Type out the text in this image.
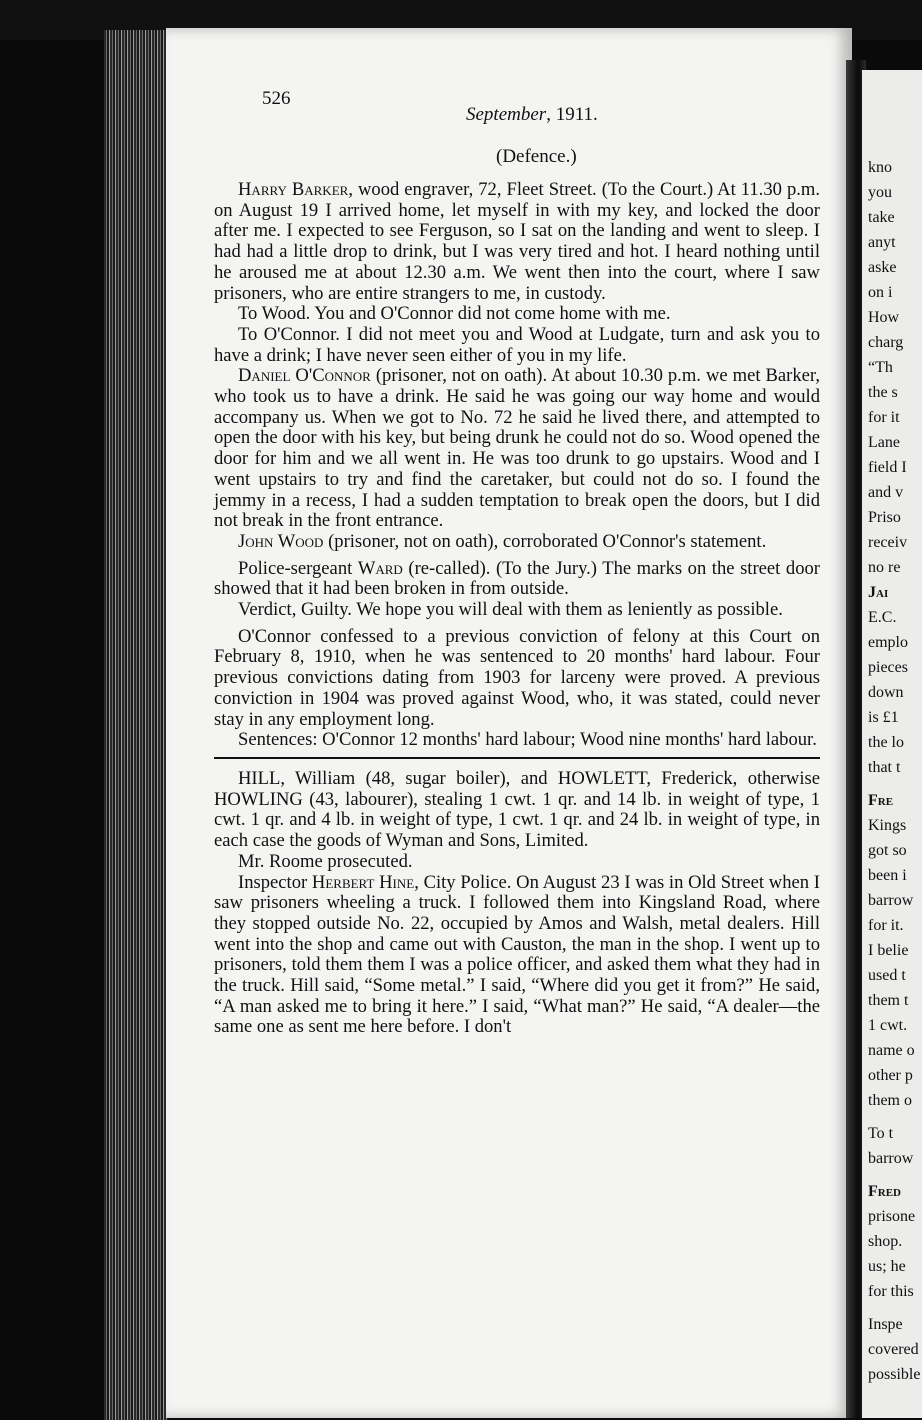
526
September, 1911.
(Defence.)

Harry Barker, wood engraver, 72, Fleet Street. (To the Court.) At 11.30 p.m. on August 19 I arrived home, let myself in with my key, and locked the door after me. I expected to see Ferguson, so I sat on the landing and went to sleep. I had had a little drop to drink, but I was very tired and hot. I heard nothing until he aroused me at about 12.30 a.m. We went then into the court, where I saw prisoners, who are entire strangers to me, in custody.

To Wood. You and O'Connor did not come home with me.

To O'Connor. I did not meet you and Wood at Ludgate, turn and ask you to have a drink; I have never seen either of you in my life.

Daniel O'Connor (prisoner, not on oath). At about 10.30 p.m. we met Barker, who took us to have a drink. He said he was going our way home and would accompany us. When we got to No. 72 he said he lived there, and attempted to open the door with his key, but being drunk he could not do so. Wood opened the door for him and we all went in. He was too drunk to go upstairs. Wood and I went upstairs to try and find the caretaker, but could not do so. I found the jemmy in a recess, I had a sudden temptation to break open the doors, but I did not break in the front entrance.

John Wood (prisoner, not on oath), corroborated O'Connor's statement.

Police-sergeant Ward (re-called). (To the Jury.) The marks on the street door showed that it had been broken in from outside.

Verdict, Guilty. We hope you will deal with them as leniently as possible.

O'Connor confessed to a previous conviction of felony at this Court on February 8, 1910, when he was sentenced to 20 months' hard labour. Four previous convictions dating from 1903 for larceny were proved. A previous conviction in 1904 was proved against Wood, who, it was stated, could never stay in any employment long.

Sentences: O'Connor 12 months' hard labour; Wood nine months' hard labour.

HILL, William (48, sugar boiler), and HOWLETT, Frederick, otherwise HOWLING (43, labourer), stealing 1 cwt. 1 qr. and 14 lb. in weight of type, 1 cwt. 1 qr. and 4 lb. in weight of type, 1 cwt. 1 qr. and 24 lb. in weight of type, in each case the goods of Wyman and Sons, Limited.

Mr. Roome prosecuted.

Inspector Herbert Hine, City Police. On August 23 I was in Old Street when I saw prisoners wheeling a truck. I followed them into Kingsland Road, where they stopped outside No. 22, occupied by Amos and Walsh, metal dealers. Hill went into the shop and came out with Causton, the man in the shop. I went up to prisoners, told them them I was a police officer, and asked them what they had in the truck. Hill said, “Some metal.” I said, “Where did you get it from?” He said, “A man asked me to bring it here.” I said, “What man?” He said, “A dealer—the same one as sent me here before. I don't

kno
you
take
anyt
aske
on i
How
charg
“Th
the s
for it
Lane
field I
and v
Priso
receiv
no re
Jai
E.C.
emplo
pieces
down
is £1
the lo
that t
Fre
Kings
got so
been i
barrow
for it.
I belie
used t
them t
1 cwt.
name o
other p
them o
To t
barrow
Fred
prisone
shop.
us; he
for this
Inspe
covered
possible
